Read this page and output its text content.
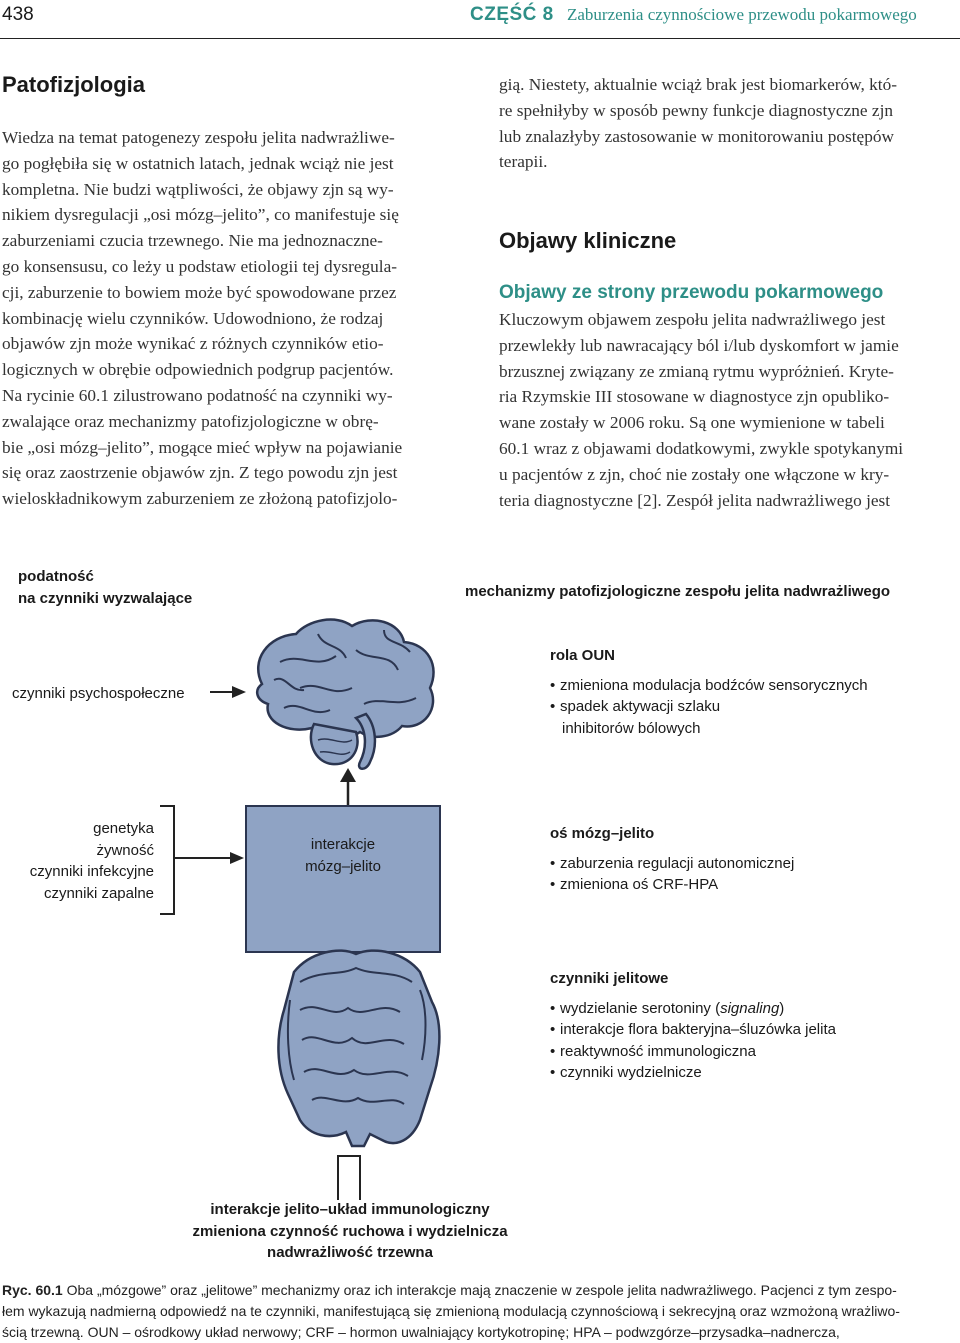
438	CZĘŚĆ 8 Zaburzenia czynnościowe przewodu pokarmowego
Patofizjologia
Wiedza na temat patogenezy zespołu jelita nadwrażliwe-
go pogłębiła się w ostatnich latach, jednak wciąż nie jest
kompletna. Nie budzi wątpliwości, że objawy zjn są wy-
nikiem dysregulacji „osi mózg–jelito”, co manifestuje się
zaburzeniami czucia trzewnego. Nie ma jednoznaczne-
go konsensusu, co leży u podstaw etiologii tej dysregula-
cji, zaburzenie to bowiem może być spowodowane przez
kombinację wielu czynników. Udowodniono, że rodzaj
objawów zjn może wynikać z różnych czynników etio-
logicznych w obrębie odpowiednich podgrup pacjentów.
Na rycinie 60.1 zilustrowano podatność na czynniki wy-
zwalające oraz mechanizmy patofizjologiczne w obrę-
bie „osi mózg–jelito”, mogące mieć wpływ na pojawianie
się oraz zaostrzenie objawów zjn. Z tego powodu zjn jest
wieloskładnikowym zaburzeniem ze złożoną patofizjolo-
gią. Niestety, aktualnie wciąż brak jest biomarkerów, któ-
re spełniłyby w sposób pewny funkcje diagnostyczne zjn
lub znalazłyby zastosowanie w monitorowaniu postępów
terapii.
Objawy kliniczne
Objawy ze strony przewodu pokarmowego
Kluczowym objawem zespołu jelita nadwrażliwego jest
przewlekły lub nawracający ból i/lub dyskomfort w jamie
brzusznej związany ze zmianą rytmu wypróżnień. Kryte-
ria Rzymskie III stosowane w diagnostyce zjn opubliko-
wane zostały w 2006 roku. Są one wymienione w tabeli
60.1 wraz z objawami dodatkowymi, zwykle spotykanymi
u pacjentów z zjn, choć nie zostały one włączone w kry-
teria diagnostyczne [2]. Zespół jelita nadwrażliwego jest
podatność
na czynniki wyzwalające	mechanizmy patofizjologiczne zespołu jelita nadwrażliwego
czynniki psychospołeczne
genetyka
żywność
czynniki infekcyjne
czynniki zapalne
interakcje
mózg–jelito
rola OUN
• zmieniona modulacja bodźców sensorycznych
• spadek aktywacji szlaku
inhibitorów bólowych
oś mózg–jelito
• zaburzenia regulacji autonomicznej
• zmieniona oś CRF-HPA
czynniki jelitowe
• wydzielanie serotoniny (signaling)
• interakcje flora bakteryjna–śluzówka jelita
• reaktywność immunologiczna
• czynniki wydzielnicze
interakcje jelito–układ immunologiczny
zmieniona czynność ruchowa i wydzielnicza
nadwrażliwość trzewna
Ryc. 60.1 Oba „mózgowe” oraz „jelitowe” mechanizmy oraz ich interakcje mają znaczenie w zespole jelita nadwrażliwego. Pacjenci z tym zespo-
łem wykazują nadmierną odpowiedź na te czynniki, manifestującą się zmienioną modulacją czynnościową i sekrecyjną oraz wzmożoną wrażliwo-
ścią trzewną. OUN – ośrodkowy układ nerwowy; CRF – hormon uwalniający kortykotropinę; HPA – podwzgórze–przysadka–nadnercza,
